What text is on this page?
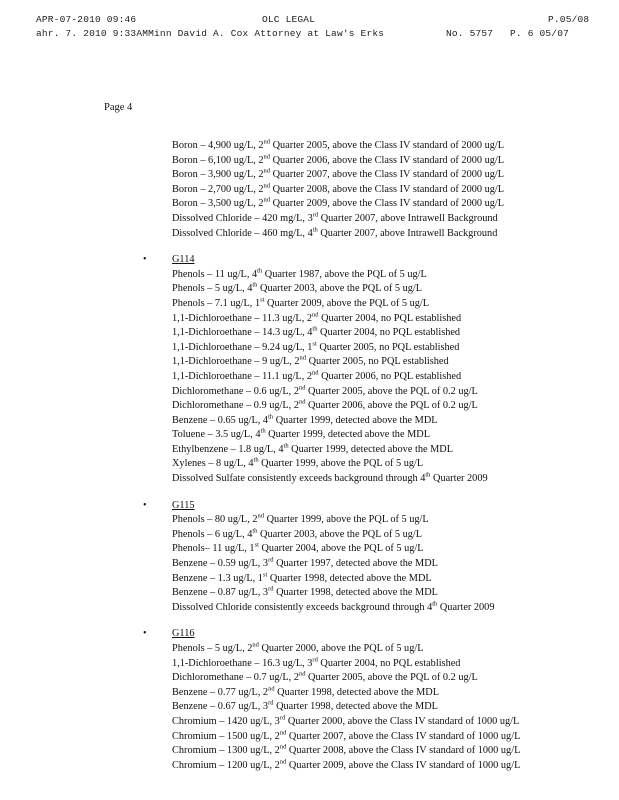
APR-07-2010 09:46	OLC LEGAL	P.05/08
ahr. 7. 2010 9:33AMMinn David A. Cox Attorney at Law's Erks	No. 5757 P. 6 05/07
Page 4
Boron – 4,900 ug/L, 2nd Quarter 2005, above the Class IV standard of 2000 ug/L
Boron – 6,100 ug/L, 2nd Quarter 2006, above the Class IV standard of 2000 ug/L
Boron – 3,900 ug/L, 2nd Quarter 2007, above the Class IV standard of 2000 ug/L
Boron – 2,700 ug/L, 2nd Quarter 2008, above the Class IV standard of 2000 ug/L
Boron – 3,500 ug/L, 2nd Quarter 2009, above the Class IV standard of 2000 ug/L
Dissolved Chloride – 420 mg/L, 3rd Quarter 2007, above Intrawell Background
Dissolved Chloride – 460 mg/L, 4th Quarter 2007, above Intrawell Background
• G114
Phenols – 11 ug/L, 4th Quarter 1987, above the PQL of 5 ug/L
Phenols – 5 ug/L, 4th Quarter 2003, above the PQL of 5 ug/L
Phenols – 7.1 ug/L, 1st Quarter 2009, above the PQL of 5 ug/L
1,1-Dichloroethane – 11.3 ug/L, 2nd Quarter 2004, no PQL established
1,1-Dichloroethane – 14.3 ug/L, 4th Quarter 2004, no PQL established
1,1-Dichloroethane – 9.24 ug/L, 1st Quarter 2005, no PQL established
1,1-Dichloroethane – 9 ug/L, 2nd Quarter 2005, no PQL established
1,1-Dichloroethane – 11.1 ug/L, 2nd Quarter 2006, no PQL established
Dichloromethane – 0.6 ug/L, 2nd Quarter 2005, above the PQL of 0.2 ug/L
Dichloromethane – 0.9 ug/L, 2nd Quarter 2006, above the PQL of 0.2 ug/L
Benzene – 0.65 ug/L, 4th Quarter 1999, detected above the MDL
Toluene – 3.5 ug/L, 4th Quarter 1999, detected above the MDL
Ethylbenzene – 1.8 ug/L, 4th Quarter 1999, detected above the MDL
Xylenes – 8 ug/L, 4th Quarter 1999, above the PQL of 5 ug/L
Dissolved Sulfate consistently exceeds background through 4th Quarter 2009
• G115
Phenols – 80 ug/L, 2nd Quarter 1999, above the PQL of 5 ug/L
Phenols – 6 ug/L, 4th Quarter 2003, above the PQL of 5 ug/L
Phenols– 11 ug/L, 1st Quarter 2004, above the PQL of 5 ug/L
Benzene – 0.59 ug/L, 3rd Quarter 1997, detected above the MDL
Benzene – 1.3 ug/L, 1st Quarter 1998, detected above the MDL
Benzene – 0.87 ug/L, 3rd Quarter 1998, detected above the MDL
Dissolved Chloride consistently exceeds background through 4th Quarter 2009
• G116
Phenols – 5 ug/L, 2nd Quarter 2000, above the PQL of 5 ug/L
1,1-Dichloroethane – 16.3 ug/L, 3rd Quarter 2004, no PQL established
Dichloromethane – 0.7 ug/L, 2nd Quarter 2005, above the PQL of 0.2 ug/L
Benzene – 0.77 ug/L, 2nd Quarter 1998, detected above the MDL
Benzene – 0.67 ug/L, 3rd Quarter 1998, detected above the MDL
Chromium – 1420 ug/L, 3rd Quarter 2000, above the Class IV standard of 1000 ug/L
Chromium – 1500 ug/L, 2nd Quarter 2007, above the Class IV standard of 1000 ug/L
Chromium – 1300 ug/L, 2nd Quarter 2008, above the Class IV standard of 1000 ug/L
Chromium – 1200 ug/L, 2nd Quarter 2009, above the Class IV standard of 1000 ug/L
